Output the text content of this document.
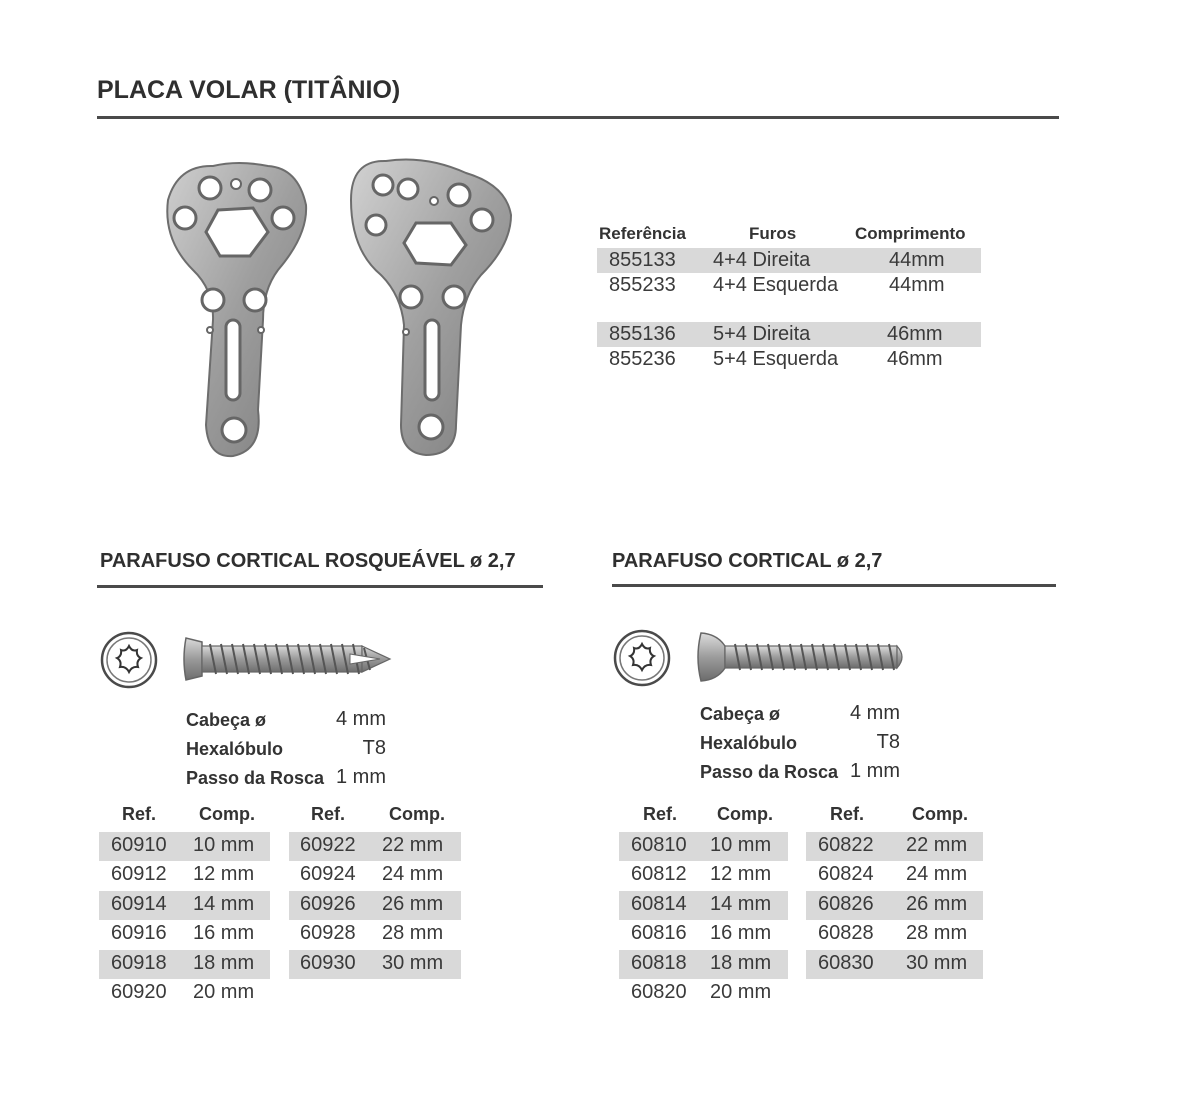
PLACA VOLAR (TITÂNIO)
Referência	Furos	Comprimento
855133 4+4 Direita	44mm
855233 4+4 Esquerda	44mm
855136 5+4 Direita	46mm
855236 5+4 Esquerda 46mm
PARAFUSO CORTICAL ROSQUEÁVEL ø 2,7
Cabeça ø	4 mm
Hexalóbulo	T8
Passo da Rosca 1 mm
Ref. Comp.
60910 10 mm
60912 12 mm
60914 14 mm
60916 16 mm
60918 18 mm
60920 20 mm
Ref. Comp.
60922 22 mm
60924 24 mm
60926 26 mm
60928 28 mm
60930 30 mm
PARAFUSO CORTICAL ø 2,7
Cabeça ø	4 mm
Hexalóbulo	T8
Passo da Rosca 1 mm
Ref. Comp.
60810 10 mm
60812 12 mm
60814 14 mm
60816 16 mm
60818 18 mm
60820 20 mm
Ref.	Comp.
60822 22 mm
60824 24 mm
60826 26 mm
60828 28 mm
60830 30 mm
